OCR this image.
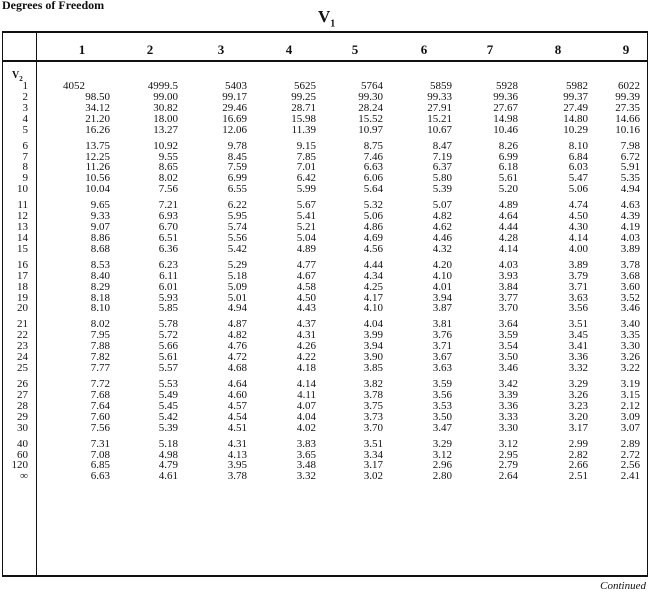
Degrees of Freedom
$V_1$
$V_2$
1	2	3	4	5	6	7	8	9
1	4052	4999.5	5403	5625	5764	5859	5928	5982	6022
2	98.50	99.00	99.17	99.25	99.30	99.33	99.36	99.37 99.39
3	34.12	30.82	29.46	28.71	28.24	27.91	27.67	27.49 27.35
4	21.20	18.00	16.69	15.98	15.52	15.21	14.98	14.80 14.66
5	16.26	13.27	12.06	11.39	10.97	10.67	10.46	10.29 10.16
6	13.75	10.92	9.78	9.15	8.75	8.47	8.26	8.10	7.98
7	12.25	9.55	8.45	7.85	7.46	7.19	6.99	6.84	6.72
8	11.26	8.65	7.59	7.01	6.63	6.37	6.18	6.03	5.91
9	10.56	8.02	6.99	6.42	6.06	5.80	5.61	5.47	5.35
10	10.04	7.56	6.55	5.99	5.64	5.39	5.20	5.06	4.94
11	9.65	7.21	6.22	5.67	5.32	5.07	4.89	4.74	4.63
12	9.33	6.93	5.95	5.41	5.06	4.82	4.64	4.50	4.39
13	9.07	6.70	5.74	5.21	4.86	4.62	4.44	4.30	4.19
14	8.86	6.51	5.56	5.04	4.69	4.46	4.28	4.14	4.03
15	8.68	6.36	5.42	4.89	4.56	4.32	4.14	4.00	3.89
16	8.53	6.23	5.29	4.77	4.44	4.20	4.03	3.89	3.78
17	8.40	6.11	5.18	4.67	4.34	4.10	3.93	3.79	3.68
18	8.29	6.01	5.09	4.58	4.25	4.01	3.84	3.71	3.60
19	8.18	5.93	5.01	4.50	4.17	3.94	3.77	3.63	3.52
20	8.10	5.85	4.94	4.43	4.10	3.87	3.70	3.56	3.46
21	8.02	5.78	4.87	4.37	4.04	3.81	3.64	3.51	3.40
22	7.95	5.72	4.82	4.31	3.99	3.76	3.59	3.45	3.35
23	7.88	5.66	4.76	4.26	3.94	3.71	3.54	3.41	3.30
24	7.82	5.61	4.72	4.22	3.90	3.67	3.50	3.36	3.26
25	7.77	5.57	4.68	4.18	3.85	3.63	3.46	3.32	3.22
26	7.72	5.53	4.64	4.14	3.82	3.59	3.42	3.29	3.19
27	7.68	5.49	4.60	4.11	3.78	3.56	3.39	3.26	3.15
28	7.64	5.45	4.57	4.07	3.75	3.53	3.36	3.23	2.12
29	7.60	5.42	4.54	4.04	3.73	3.50	3.33	3.20	3.09
30	7.56	5.39	4.51	4.02	3.70	3.47	3.30	3.17	3.07
40	7.31	5.18	4.31	3.83	3.51	3.29	3.12	2.99	2.89
60	7.08	4.98	4.13	3.65	3.34	3.12	2.95	2.82	2.72
120	6.85	4.79	3.95	3.48	3.17	2.96	2.79	2.66	2.56
∞	6.63	4.61	3.78	3.32	3.02	2.80	2.64	2.51	2.41
Continued
